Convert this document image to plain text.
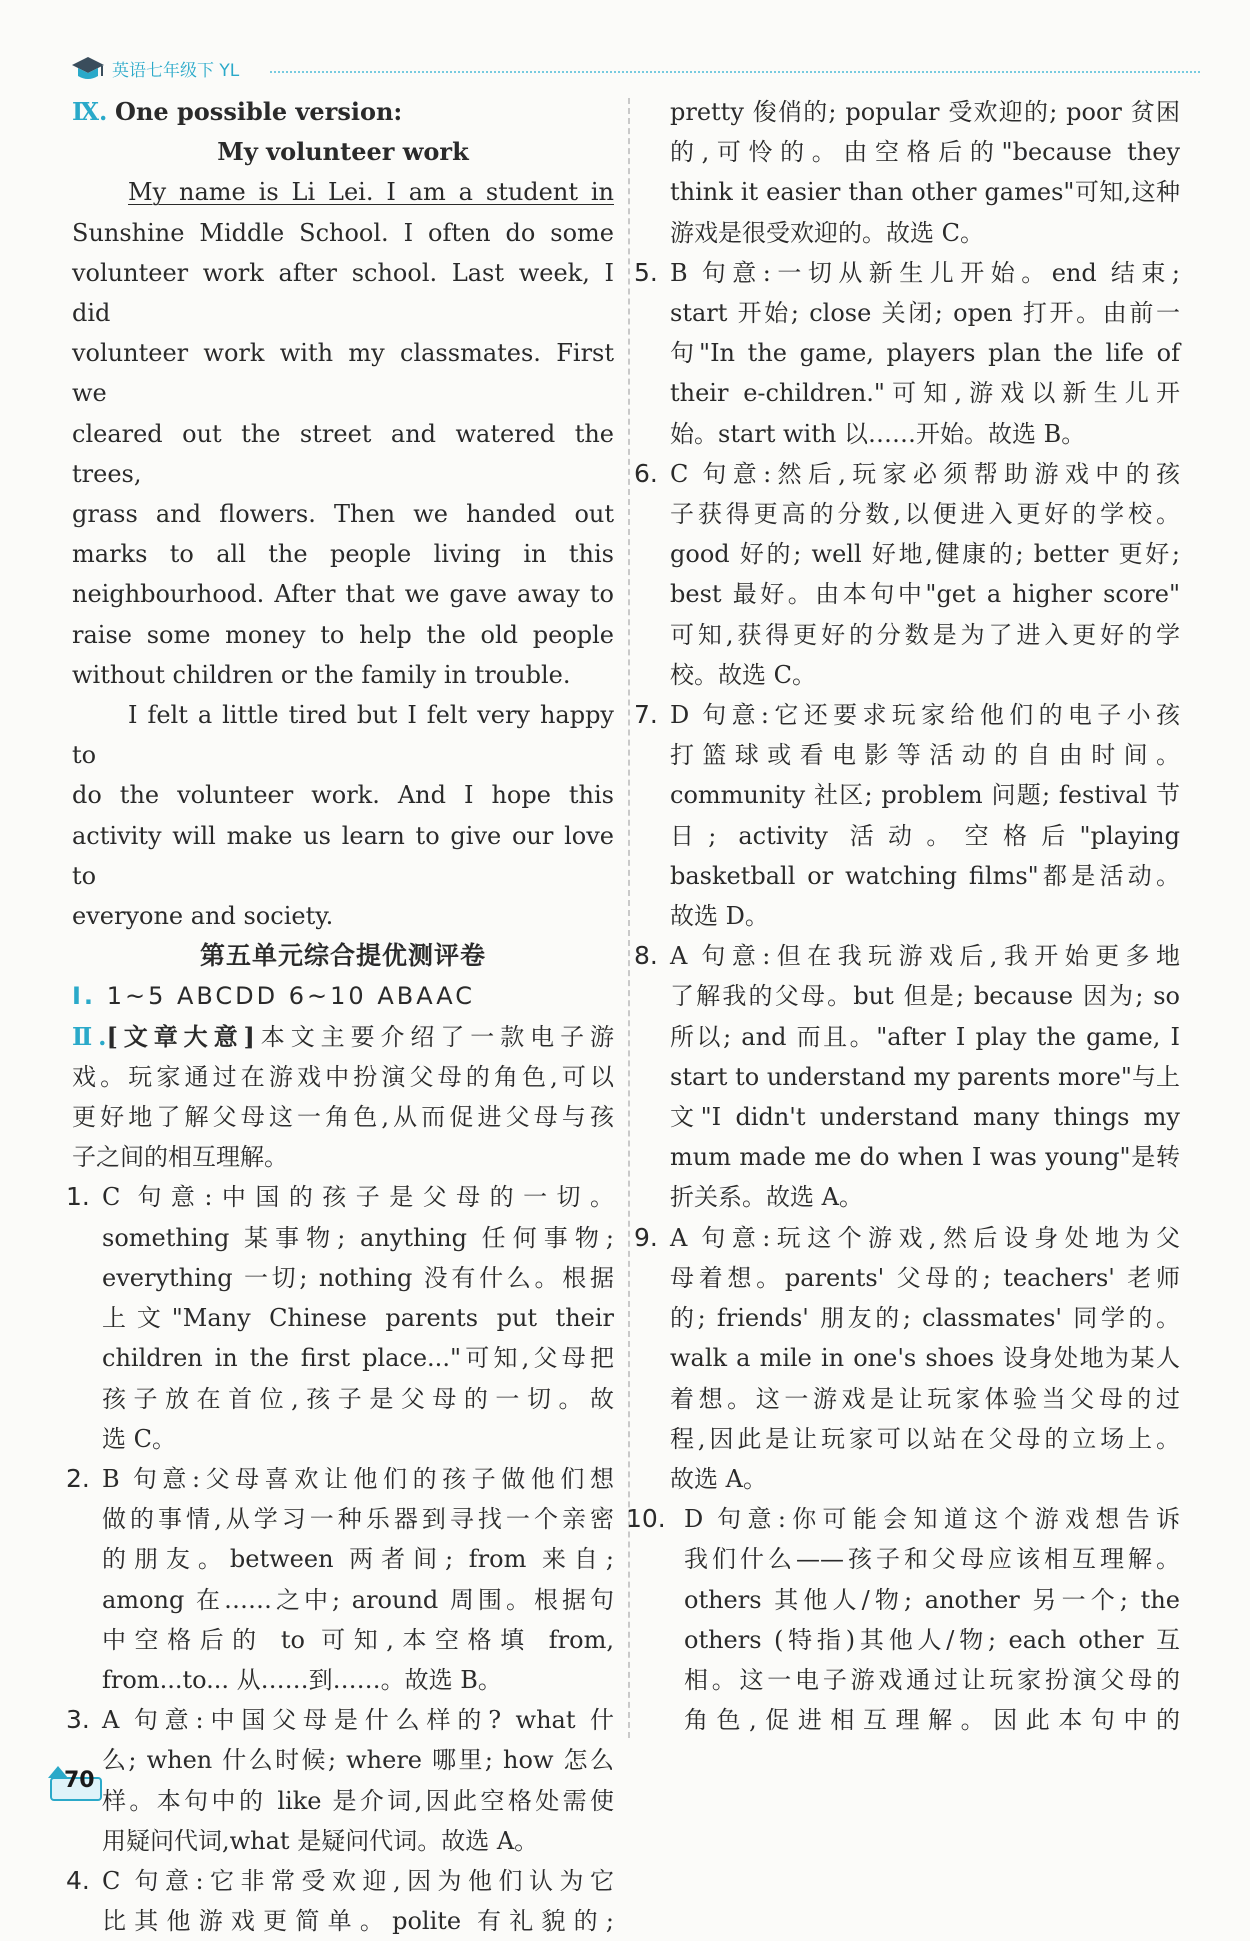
英语七年级下 YL

Ⅸ. One possible version:

My volunteer work

My name is Li Lei. I am a student in

Sunshine Middle School. I often do some

volunteer work after school. Last week, I did

volunteer work with my classmates. First we

cleared out the street and watered the trees,

grass and flowers. Then we handed out

marks to all the people living in this

neighbourhood. After that we gave away to

raise some money to help the old people

without children or the family in trouble.

I felt a little tired but I felt very happy to

do the volunteer work. And I hope this

activity will make us learn to give our love to

everyone and society.

第五单元综合提优测评卷

Ⅰ. 1~5 ABCDD 6~10 ABAAC

Ⅱ.[文章大意]本文主要介绍了一款电子游

戏。玩家通过在游戏中扮演父母的角色,可以

更好地了解父母这一角色,从而促进父母与孩

子之间的相互理解。

1. C 句意:中国的孩子是父母的一切。

something 某事物; anything 任何事物;

everything 一切; nothing 没有什么。根据

上文"Many Chinese parents put their

children in the first place..."可知,父母把

孩子放在首位,孩子是父母的一切。故

选 C。

2. B 句意:父母喜欢让他们的孩子做他们想

做的事情,从学习一种乐器到寻找一个亲密

的朋友。between 两者间; from 来自;

among 在……之中; around 周围。根据句

中空格后的 to 可知,本空格填 from,

from...to... 从……到……。故选 B。

3. A 句意:中国父母是什么样的? what 什

么; when 什么时候; where 哪里; how 怎么

样。本句中的 like 是介词,因此空格处需使

用疑问代词,what 是疑问代词。故选 A。

4. C 句意:它非常受欢迎,因为他们认为它

比其他游戏更简单。polite 有礼貌的;

pretty 俊俏的; popular 受欢迎的; poor 贫困

的,可怜的。由空格后的"because they

think it easier than other games"可知,这种

游戏是很受欢迎的。故选 C。

5. B 句意:一切从新生儿开始。end 结束;

start 开始; close 关闭; open 打开。由前一

句"In the game, players plan the life of

their e-children."可知,游戏以新生儿开

始。start with 以……开始。故选 B。

6. C 句意:然后,玩家必须帮助游戏中的孩

子获得更高的分数,以便进入更好的学校。

good 好的; well 好地,健康的; better 更好;

best 最好。由本句中"get a higher score"

可知,获得更好的分数是为了进入更好的学

校。故选 C。

7. D 句意:它还要求玩家给他们的电子小孩

打篮球或看电影等活动的自由时间。

community 社区; problem 问题; festival 节

日; activity 活动。空格后"playing

basketball or watching films"都是活动。

故选 D。

8. A 句意:但在我玩游戏后,我开始更多地

了解我的父母。but 但是; because 因为; so

所以; and 而且。"after I play the game, I

start to understand my parents more"与上

文"I didn't understand many things my

mum made me do when I was young"是转

折关系。故选 A。

9. A 句意:玩这个游戏,然后设身处地为父

母着想。parents' 父母的; teachers' 老师

的; friends' 朋友的; classmates' 同学的。

walk a mile in one's shoes 设身处地为某人

着想。这一游戏是让玩家体验当父母的过

程,因此是让玩家可以站在父母的立场上。

故选 A。

10. D 句意:你可能会知道这个游戏想告诉

我们什么——孩子和父母应该相互理解。

others 其他人/物; another 另一个; the

others (特指)其他人/物; each other 互

相。这一电子游戏通过让玩家扮演父母的

角色,促进相互理解。因此本句中的

70
